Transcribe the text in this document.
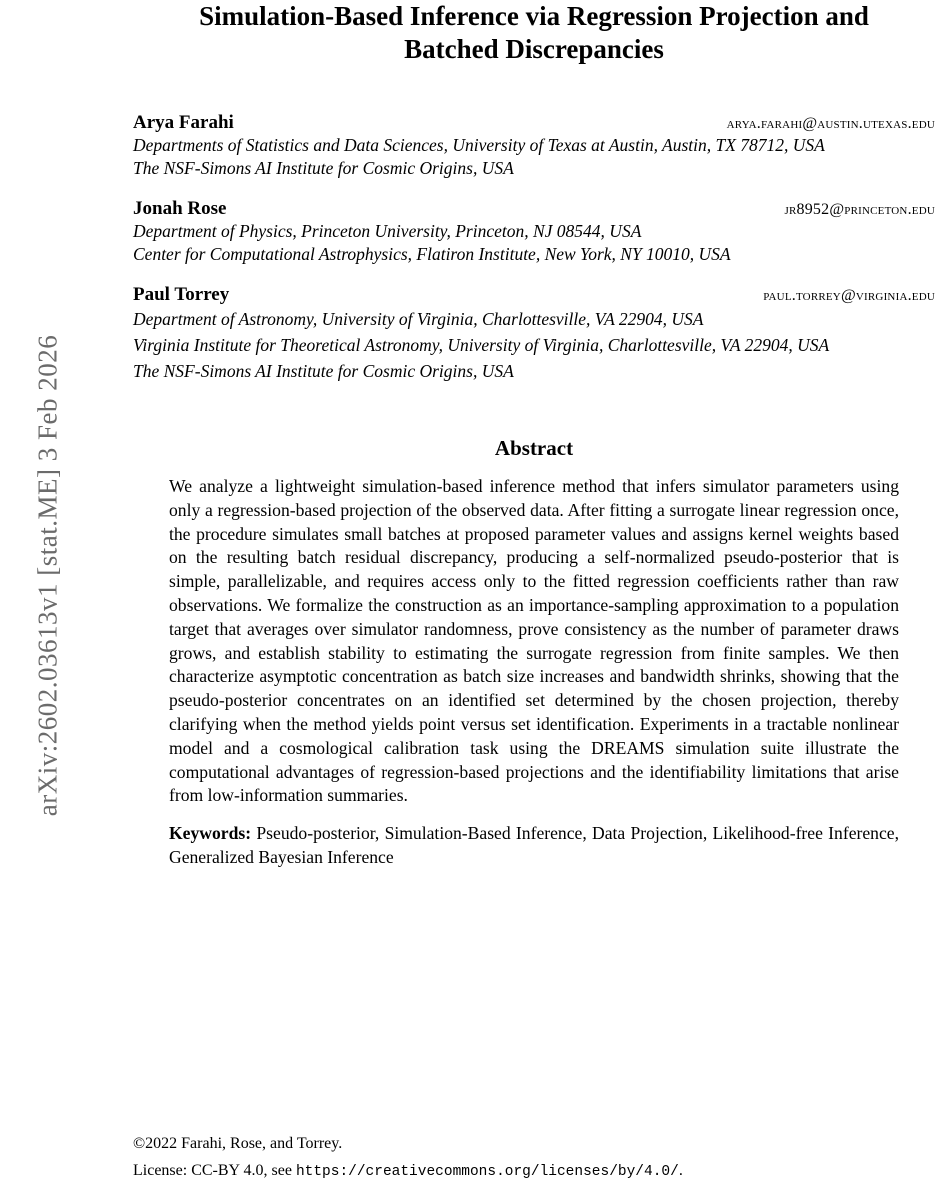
arXiv:2602.03613v1 [stat.ME] 3 Feb 2026
Simulation-Based Inference via Regression Projection and
Batched Discrepancies
Arya Farahi	arya.farahi@austin.utexas.edu
Departments of Statistics and Data Sciences, University of Texas at Austin, Austin, TX 78712, USA
The NSF-Simons AI Institute for Cosmic Origins, USA
Jonah Rose	jr8952@princeton.edu
Department of Physics, Princeton University, Princeton, NJ 08544, USA
Center for Computational Astrophysics, Flatiron Institute, New York, NY 10010, USA
Paul Torrey	paul.torrey@virginia.edu
Department of Astronomy, University of Virginia, Charlottesville, VA 22904, USA
Virginia Institute for Theoretical Astronomy, University of Virginia, Charlottesville, VA 22904, USA
The NSF-Simons AI Institute for Cosmic Origins, USA
Abstract
We analyze a lightweight simulation-based inference method that infers simulator parameters using only a regression-based projection of the observed data. After fitting a surrogate linear regression once, the procedure simulates small batches at proposed parameter values and assigns kernel weights based on the resulting batch residual discrepancy, producing a self-normalized pseudo-posterior that is simple, parallelizable, and requires access only to the fitted regression coefficients rather than raw observations. We formalize the construction as an importance-sampling approximation to a population target that averages over simulator randomness, prove consistency as the number of parameter draws grows, and establish stability to estimating the surrogate regression from finite samples. We then characterize asymptotic concentration as batch size increases and bandwidth shrinks, showing that the pseudo-posterior concentrates on an identified set determined by the chosen projection, thereby clarifying when the method yields point versus set identification. Experiments in a tractable nonlinear model and a cosmological calibration task using the DREAMS simulation suite illustrate the computational advantages of regression-based projections and the identifiability limitations that arise from low-information summaries.
Keywords: Pseudo-posterior, Simulation-Based Inference, Data Projection, Likelihood-free Inference, Generalized Bayesian Inference
©2022 Farahi, Rose, and Torrey.
License: CC-BY 4.0, see https://creativecommons.org/licenses/by/4.0/.
